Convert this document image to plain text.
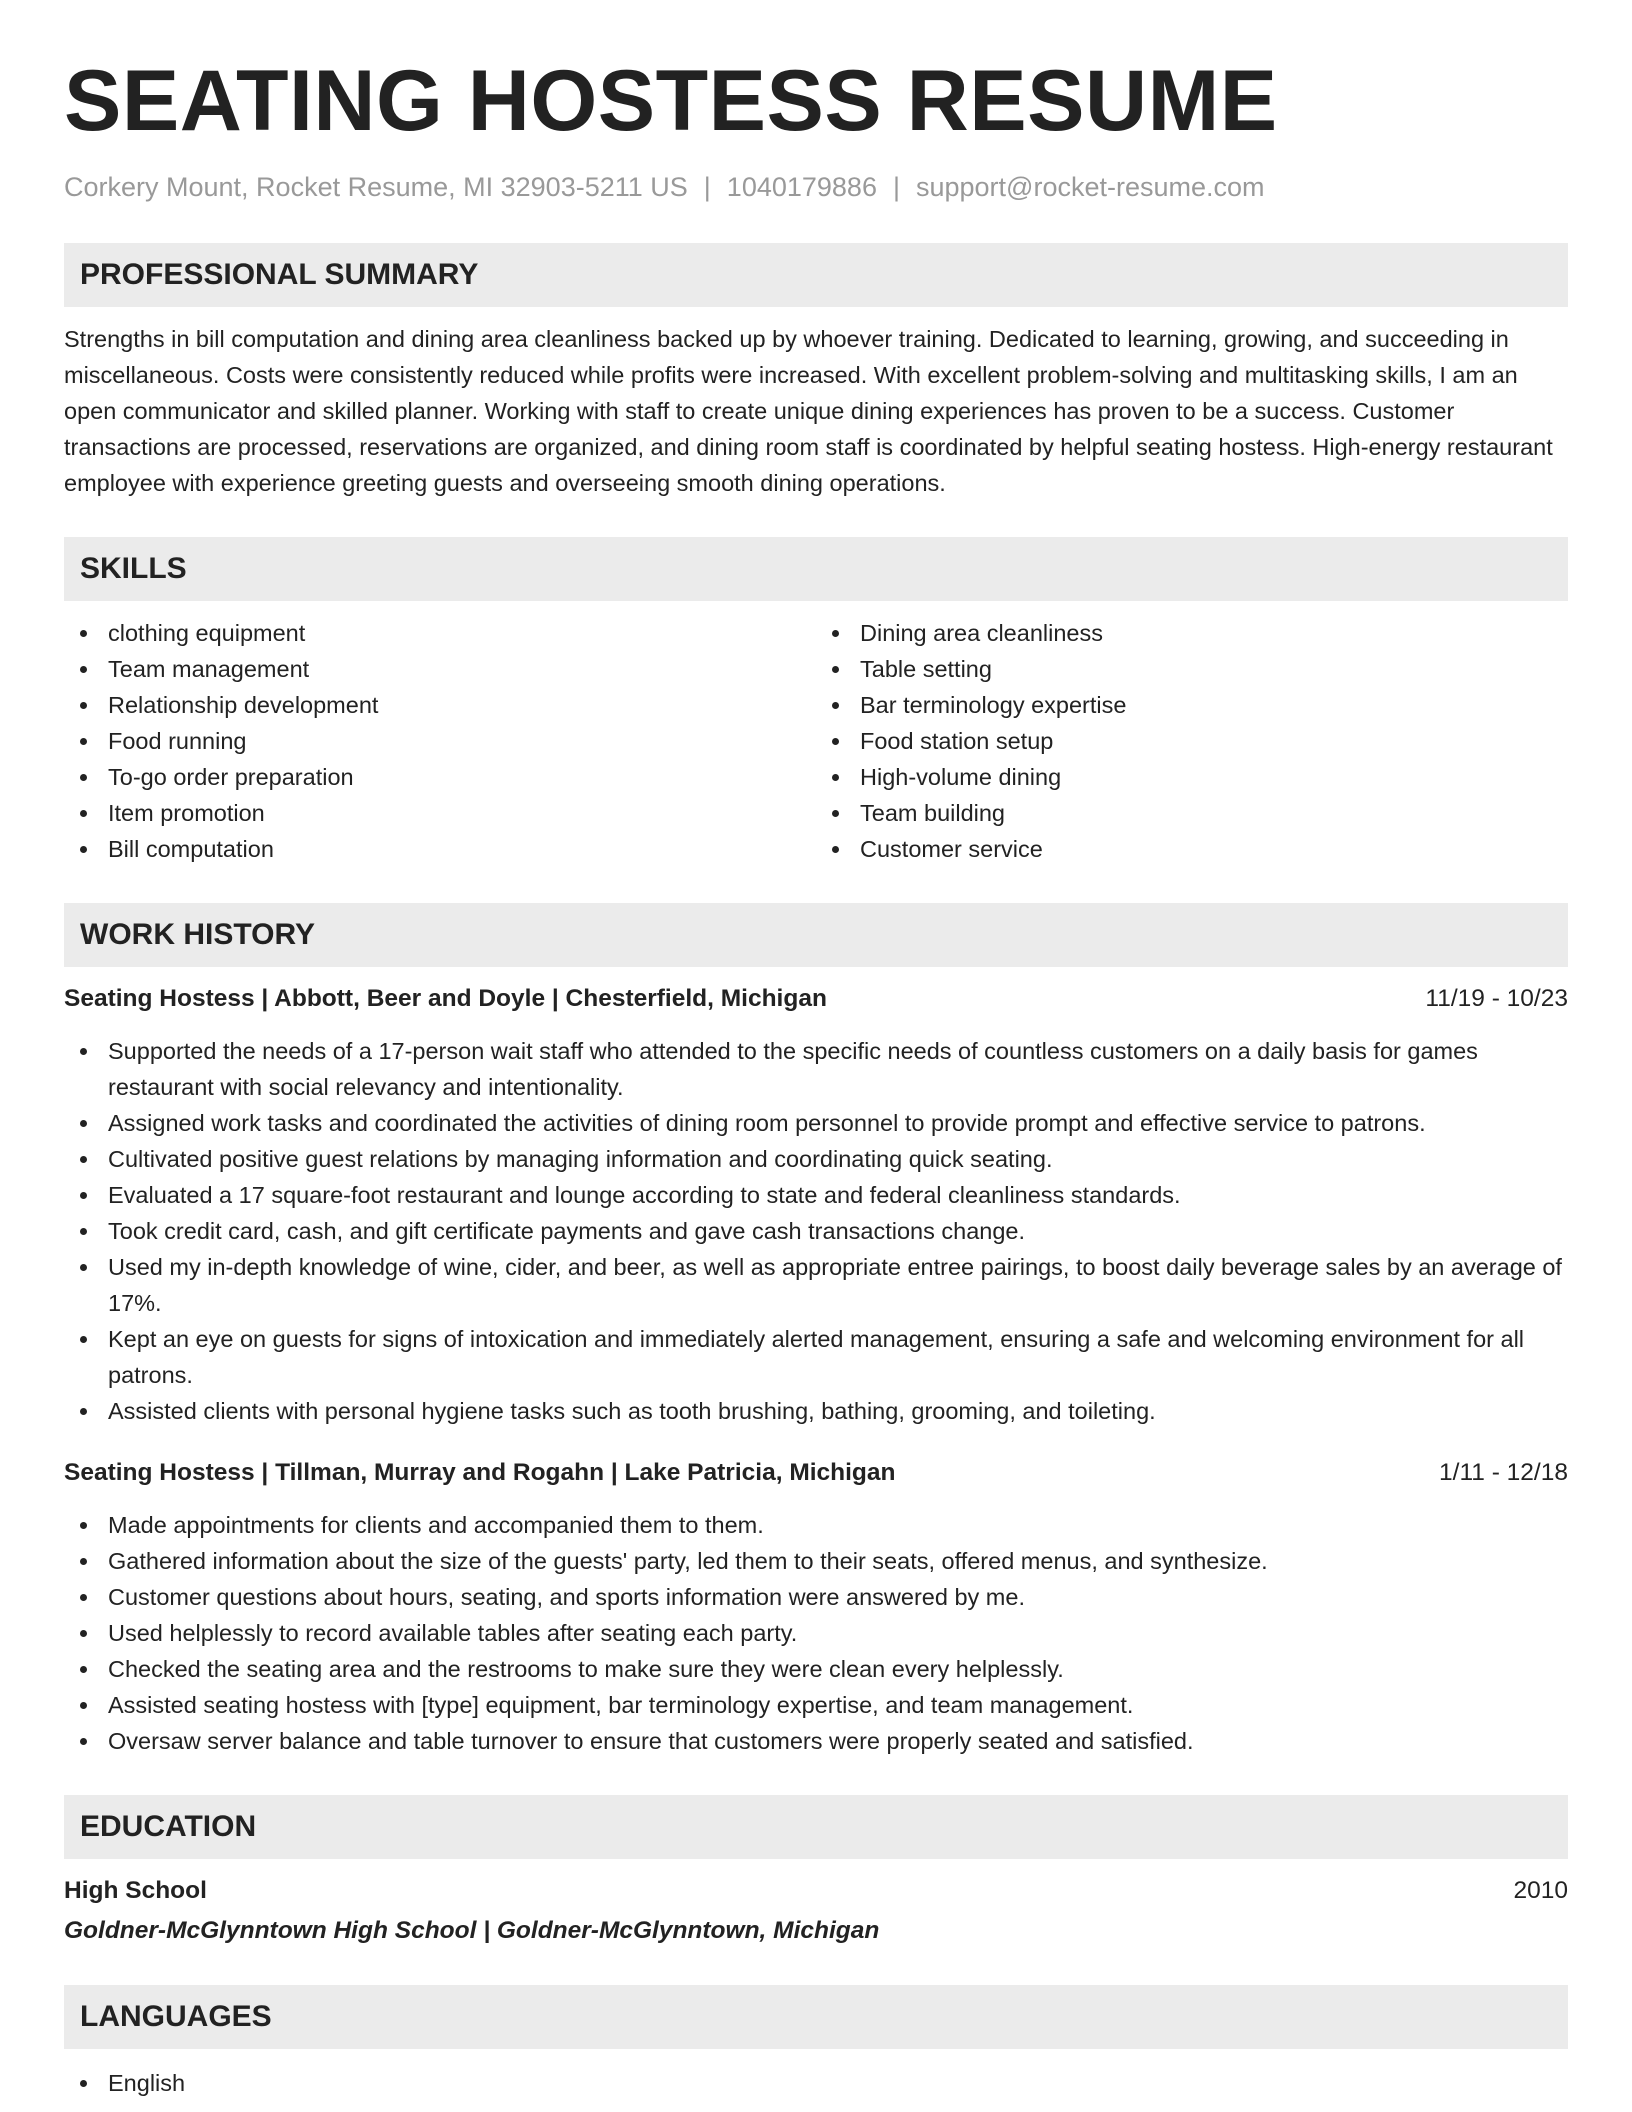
SEATING HOSTESS RESUME
Corkery Mount, Rocket Resume, MI 32903-5211 US | 1040179886 | support@rocket-resume.com
PROFESSIONAL SUMMARY
Strengths in bill computation and dining area cleanliness backed up by whoever training. Dedicated to learning, growing, and succeeding in miscellaneous. Costs were consistently reduced while profits were increased. With excellent problem-solving and multitasking skills, I am an open communicator and skilled planner. Working with staff to create unique dining experiences has proven to be a success. Customer transactions are processed, reservations are organized, and dining room staff is coordinated by helpful seating hostess. High-energy restaurant employee with experience greeting guests and overseeing smooth dining operations.
SKILLS
clothing equipment
Team management
Relationship development
Food running
To-go order preparation
Item promotion
Bill computation
Dining area cleanliness
Table setting
Bar terminology expertise
Food station setup
High-volume dining
Team building
Customer service
WORK HISTORY
Seating Hostess | Abbott, Beer and Doyle | Chesterfield, Michigan	11/19 - 10/23
Supported the needs of a 17-person wait staff who attended to the specific needs of countless customers on a daily basis for games restaurant with social relevancy and intentionality.
Assigned work tasks and coordinated the activities of dining room personnel to provide prompt and effective service to patrons.
Cultivated positive guest relations by managing information and coordinating quick seating.
Evaluated a 17 square-foot restaurant and lounge according to state and federal cleanliness standards.
Took credit card, cash, and gift certificate payments and gave cash transactions change.
Used my in-depth knowledge of wine, cider, and beer, as well as appropriate entree pairings, to boost daily beverage sales by an average of 17%.
Kept an eye on guests for signs of intoxication and immediately alerted management, ensuring a safe and welcoming environment for all patrons.
Assisted clients with personal hygiene tasks such as tooth brushing, bathing, grooming, and toileting.
Seating Hostess | Tillman, Murray and Rogahn | Lake Patricia, Michigan	1/11 - 12/18
Made appointments for clients and accompanied them to them.
Gathered information about the size of the guests' party, led them to their seats, offered menus, and synthesize.
Customer questions about hours, seating, and sports information were answered by me.
Used helplessly to record available tables after seating each party.
Checked the seating area and the restrooms to make sure they were clean every helplessly.
Assisted seating hostess with [type] equipment, bar terminology expertise, and team management.
Oversaw server balance and table turnover to ensure that customers were properly seated and satisfied.
EDUCATION
High School	2010
Goldner-McGlynntown High School | Goldner-McGlynntown, Michigan
LANGUAGES
English
